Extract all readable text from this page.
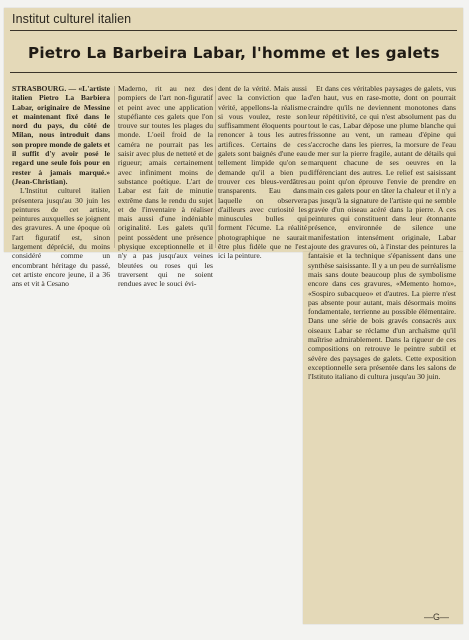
Institut culturel italien
Pietro La Barbeira Labar, l'homme et les galets

STRASBOURG. — «L'artiste italien Pietro La Barbiera Labar, originaire de Messine et maintenant fixé dans le nord du pays, du côté de Milan, nous introduit dans son propre monde de galets et il suffit d'y avoir posé le regard une seule fois pour en rester à jamais marqué.» (Jean-Christian).

L'Institut culturel italien présentera jusqu'au 30 juin les peintures de cet artiste, peintures auxquelles se joignent des gravures. A une époque où l'art figuratif est, sinon largement déprécié, du moins considéré comme un encombrant héritage du passé, cet artiste encore jeune, il a 36 ans et vit à Cesano

Maderno, rit au nez des pompiers de l'art non-figuratif et peint avec une application stupéfiante ces galets que l'on trouve sur toutes les plages du monde. L'oeil froid de la caméra ne pourrait pas les saisir avec plus de netteté et de rigueur; amais certainement avec infiniment moins de substance poétique. L'art de Labar est fait de minutie extrême dans le rendu du sujet et de l'inventaire à réaliser mais aussi d'une indéniable originalité. Les galets qu'il peint possèdent une présence physique exceptionnelle et il n'y a pas jusqu'aux veines bleutées ou roses qui les traversent qui ne soient rendues avec le souci évi-

dent de la vérité. Mais aussi avec la conviction que la vérité, appellons-la réalisme si vous voulez, reste son suffisamment éloquents pour renoncer à tous les autres artifices. Certains de ces galets sont baignés d'une eau tellement limpide qu'on se demande qu'il a bien pu trouver ces bleus-verdâtres transparents. Eau dans laquelle on observera d'ailleurs avec curiosité les minuscules bulles qui forment l'écume. La réalité photographique ne saurait être plus fidèle que ne l'est ici la peinture.

Et dans ces véritables paysages de galets, vus d'en haut, vus en rase-motte, dont on pourrait craindre qu'ils ne deviennent monotones dans leur répétitivité, ce qui n'est absolument pas du tout le cas, Labar dépose une plume blanche qui frissonne au vent, un rameau d'épine qui s'accroche dans les pierres, la morsure de l'eau de mer sur la pierre fragile, autant de détails qui marquent chacune de ses oeuvres en la différenciant des autres. Le relief est saisissant au point qu'on éprouve l'envie de prendre en main ces galets pour en tâter la chaleur et il n'y a pas jusqu'à la signature de l'artiste qui ne semble gravée d'un oiseau acéré dans la pierre. A ces peintures qui constituent dans leur étonnante présence, environnée de silence une manifestation intensément originale, Labar ajoute des gravures où, à l'instar des peintures la fantaisie et la technique s'épanissent dans une synthèse saisissante. Il y a un peu de surréalisme mais sans doute beaucoup plus de symbolisme encore dans ces gravures, «Memento homo», «Sospiro subacqueo» et d'autres. La pierre n'est pas absente pour autant, mais désormais moins fondamentale, terrienne au possible élémentaire. Dans une série de bois gravés consacrés aux oiseaux Labar se réclame d'un archaïsme qu'il maîtrise admirablement. Dans la rigueur de ces compositions on retrouve le peintre subtil et sévère des paysages de galets. Cette exposition exceptionnelle sera présentée dans les salons de l'Istituto italiano di cultura jusqu'au 30 juin.

—G—
